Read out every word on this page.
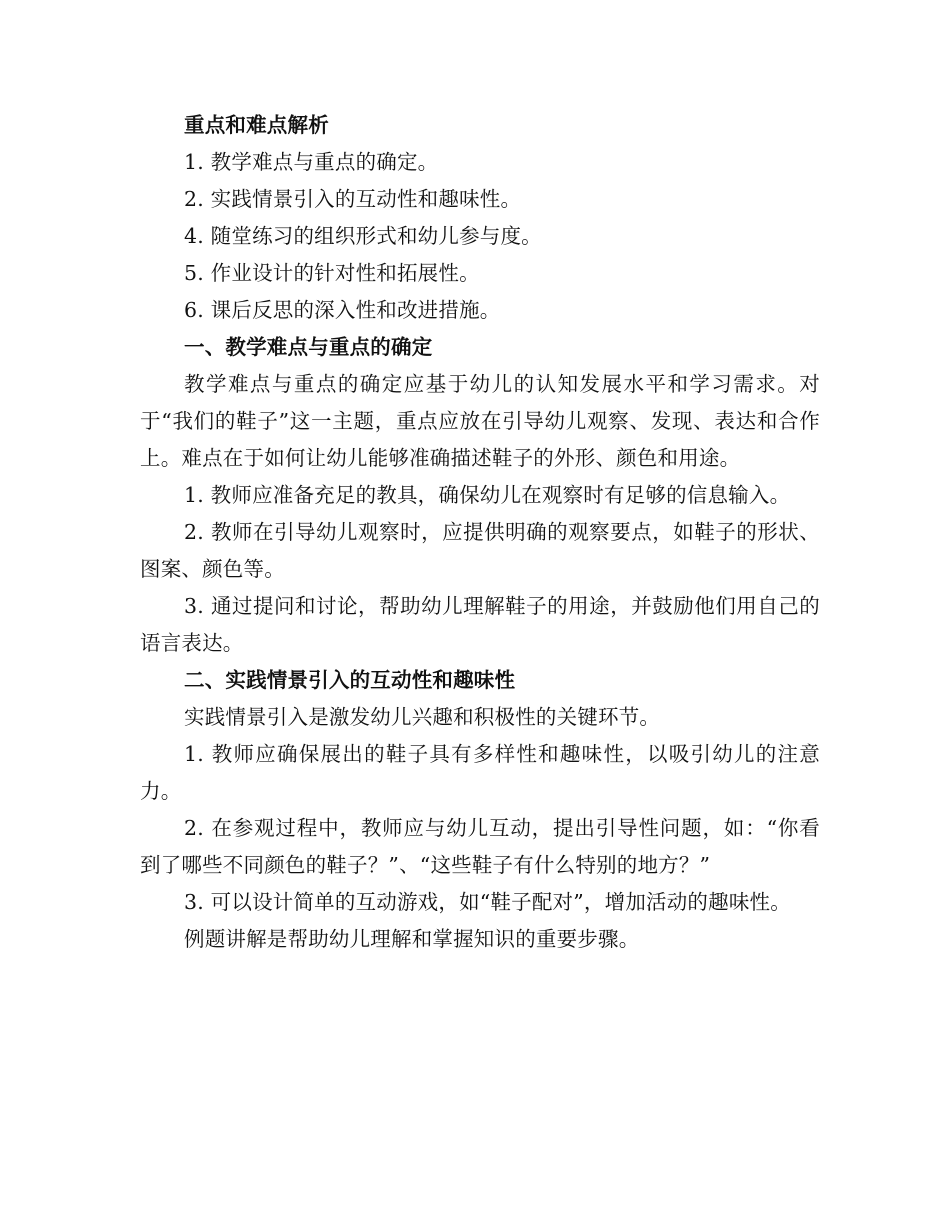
重点和难点解析

1. 教学难点与重点的确定。

2. 实践情景引入的互动性和趣味性。

4. 随堂练习的组织形式和幼儿参与度。

5. 作业设计的针对性和拓展性。

6. 课后反思的深入性和改进措施。

一、教学难点与重点的确定

教学难点与重点的确定应基于幼儿的认知发展水平和学习需求。对于“我们的鞋子”这一主题，重点应放在引导幼儿观察、发现、表达和合作上。难点在于如何让幼儿能够准确描述鞋子的外形、颜色和用途。

1. 教师应准备充足的教具，确保幼儿在观察时有足够的信息输入。

2. 教师在引导幼儿观察时，应提供明确的观察要点，如鞋子的形状、图案、颜色等。

3. 通过提问和讨论，帮助幼儿理解鞋子的用途，并鼓励他们用自己的语言表达。

二、实践情景引入的互动性和趣味性

实践情景引入是激发幼儿兴趣和积极性的关键环节。

1. 教师应确保展出的鞋子具有多样性和趣味性，以吸引幼儿的注意力。

2. 在参观过程中，教师应与幼儿互动，提出引导性问题，如：“你看到了哪些不同颜色的鞋子？”、“这些鞋子有什么特别的地方？”

3. 可以设计简单的互动游戏，如“鞋子配对”，增加活动的趣味性。

例题讲解是帮助幼儿理解和掌握知识的重要步骤。
